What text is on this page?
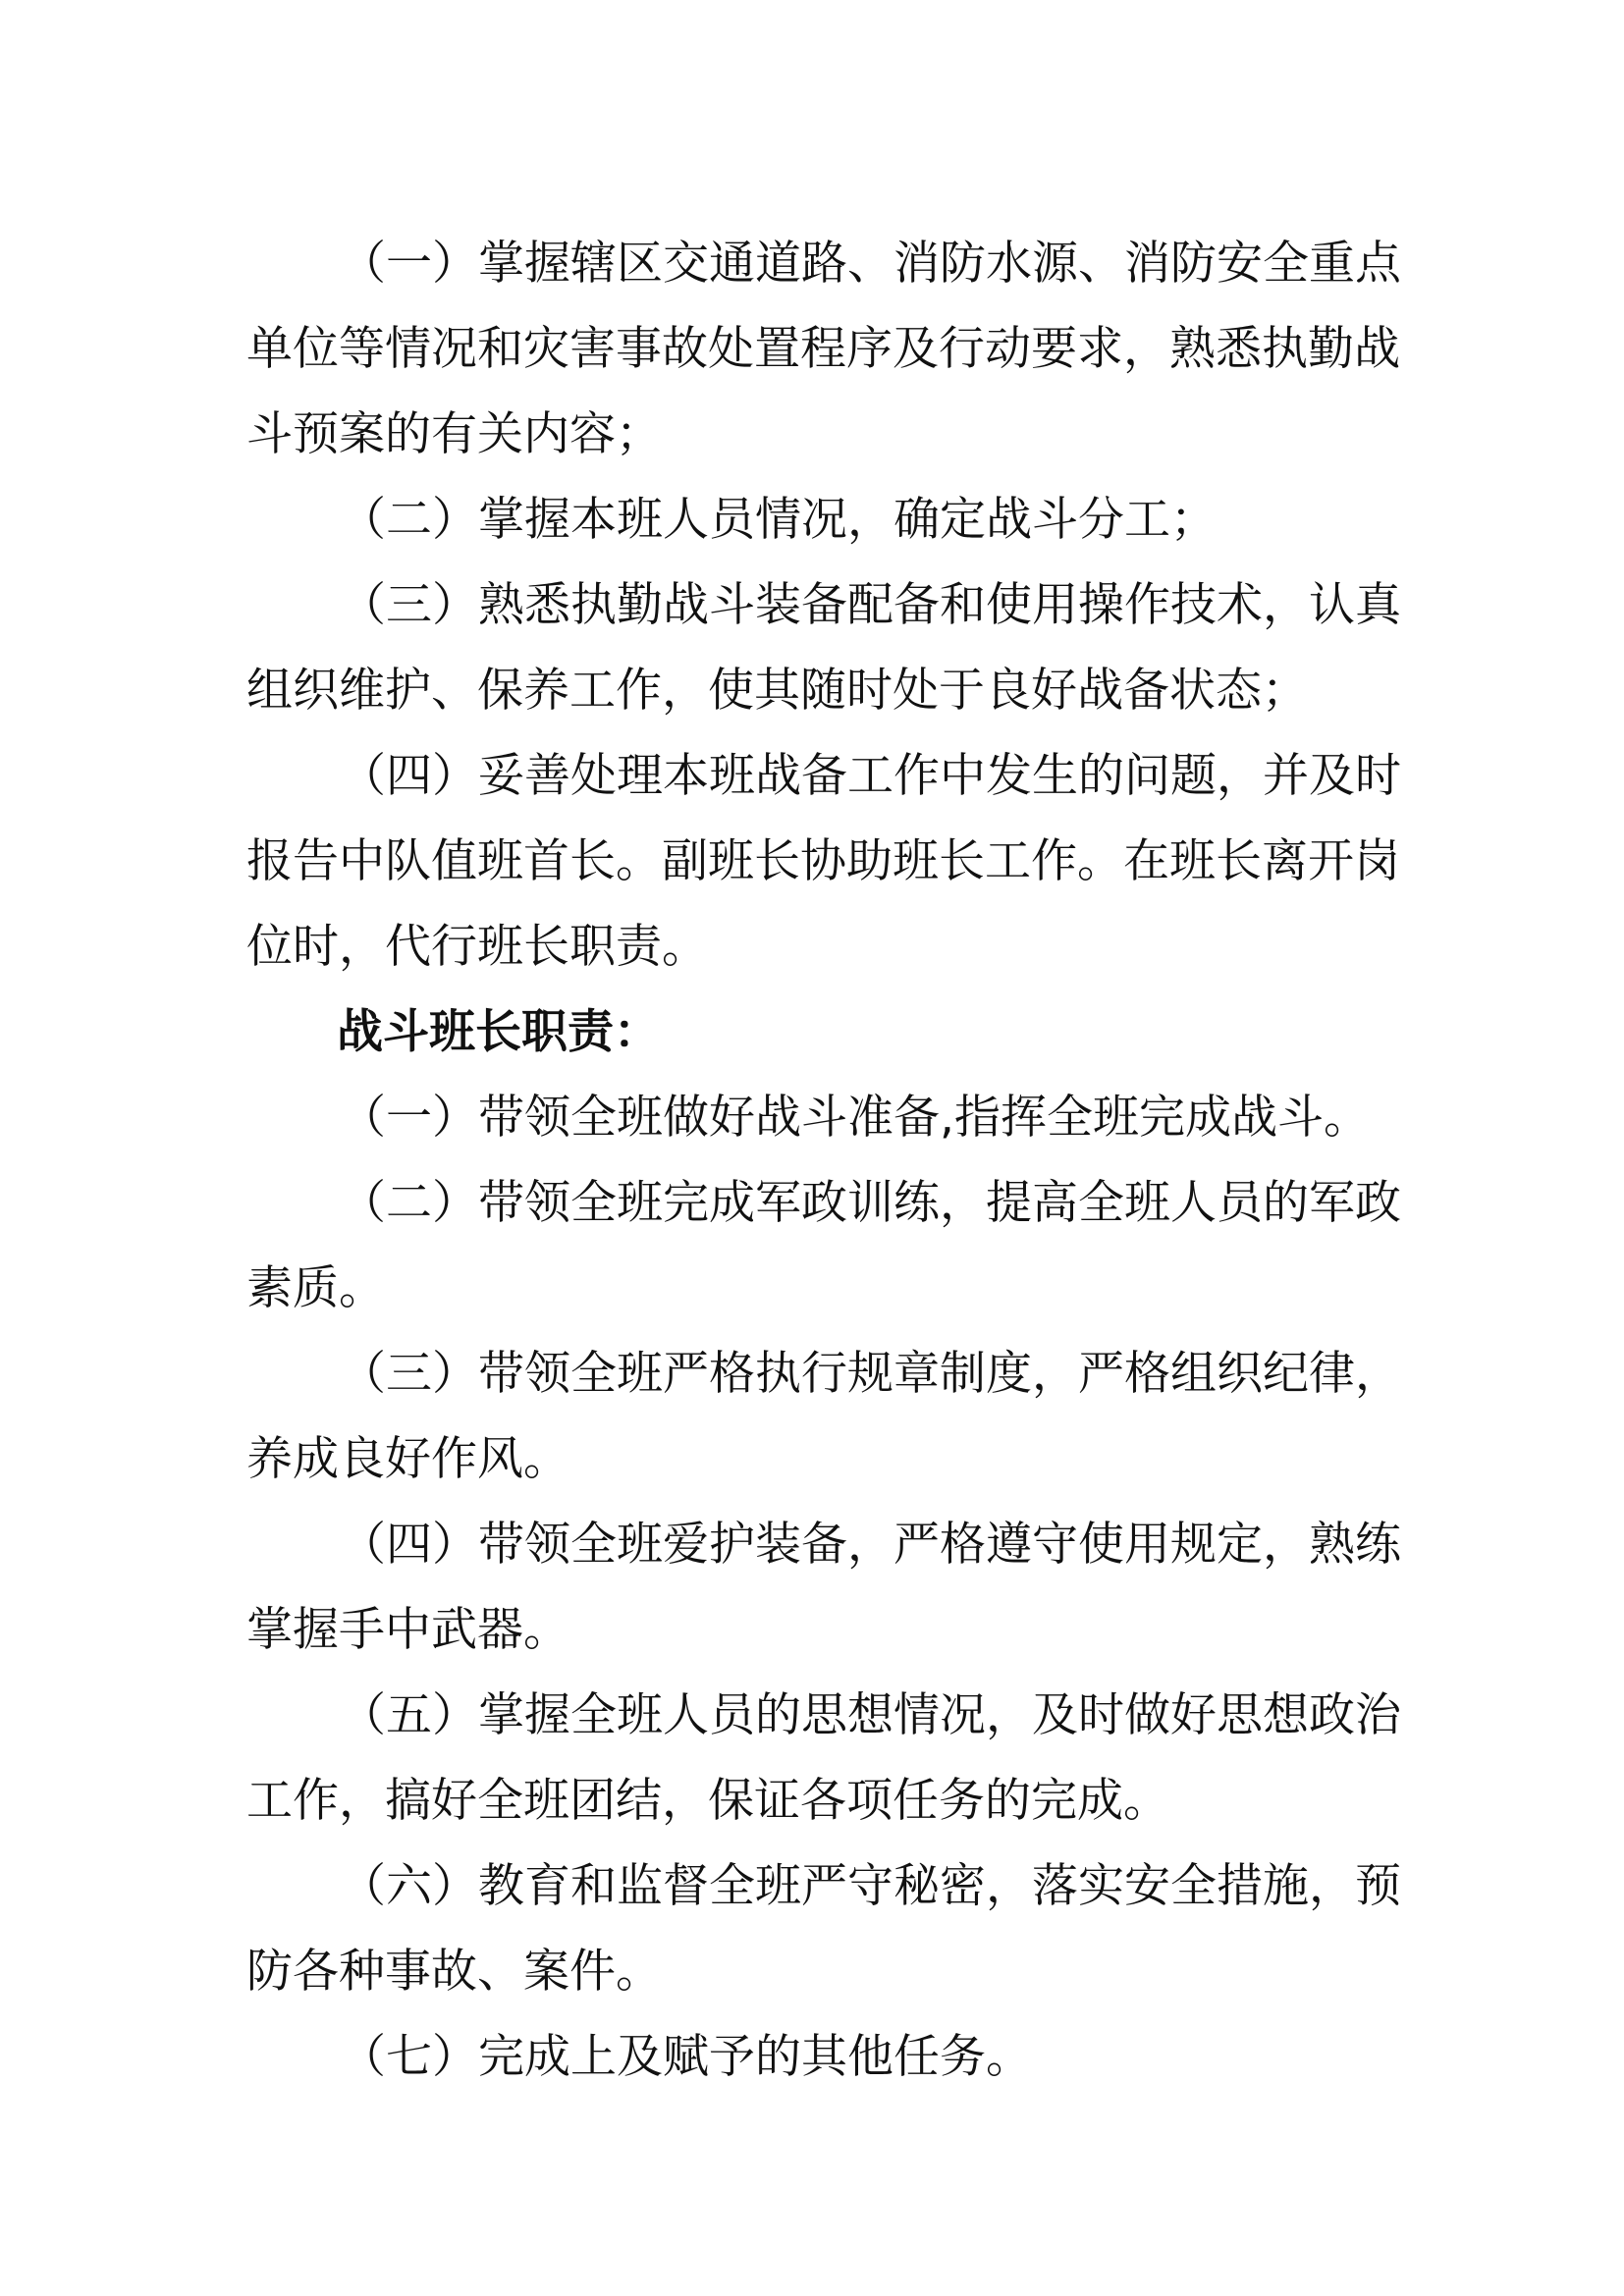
（一）掌握辖区交通道路、消防水源、消防安全重点
单位等情况和灾害事故处置程序及行动要求，熟悉执勤战
斗预案的有关内容；
（二）掌握本班人员情况，确定战斗分工；
（三）熟悉执勤战斗装备配备和使用操作技术，认真
组织维护、保养工作，使其随时处于良好战备状态；
（四）妥善处理本班战备工作中发生的问题，并及时
报告中队值班首长。副班长协助班长工作。在班长离开岗
位时，代行班长职责。
战斗班长职责：
（一）带领全班做好战斗准备,指挥全班完成战斗。
（二）带领全班完成军政训练，提高全班人员的军政
素质。
（三）带领全班严格执行规章制度，严格组织纪律，
养成良好作风。
（四）带领全班爱护装备，严格遵守使用规定，熟练
掌握手中武器。
（五）掌握全班人员的思想情况，及时做好思想政治
工作，搞好全班团结，保证各项任务的完成。
（六）教育和监督全班严守秘密，落实安全措施，预
防各种事故、案件。
（七）完成上及赋予的其他任务。
